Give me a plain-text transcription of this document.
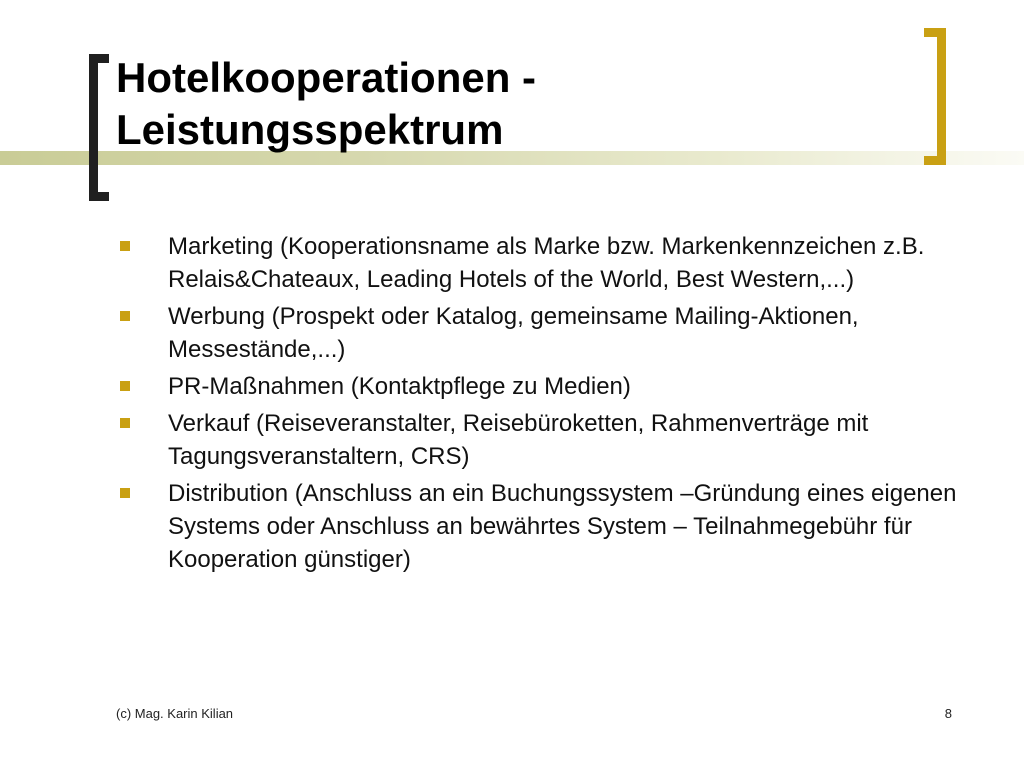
Hotelkooperationen -
Leistungsspektrum
Marketing (Kooperationsname als Marke bzw. Markenkennzeichen z.B. Relais&Chateaux, Leading Hotels of the World, Best Western,...)
Werbung (Prospekt oder Katalog, gemeinsame Mailing-Aktionen, Messestände,...)
PR-Maßnahmen (Kontaktpflege zu Medien)
Verkauf (Reiseveranstalter, Reisebüroketten, Rahmenverträge mit Tagungsveranstaltern, CRS)
Distribution (Anschluss an ein Buchungssystem –Gründung eines eigenen Systems oder Anschluss an bewährtes System – Teilnahmegebühr für Kooperation günstiger)
(c) Mag. Karin Kilian	8
